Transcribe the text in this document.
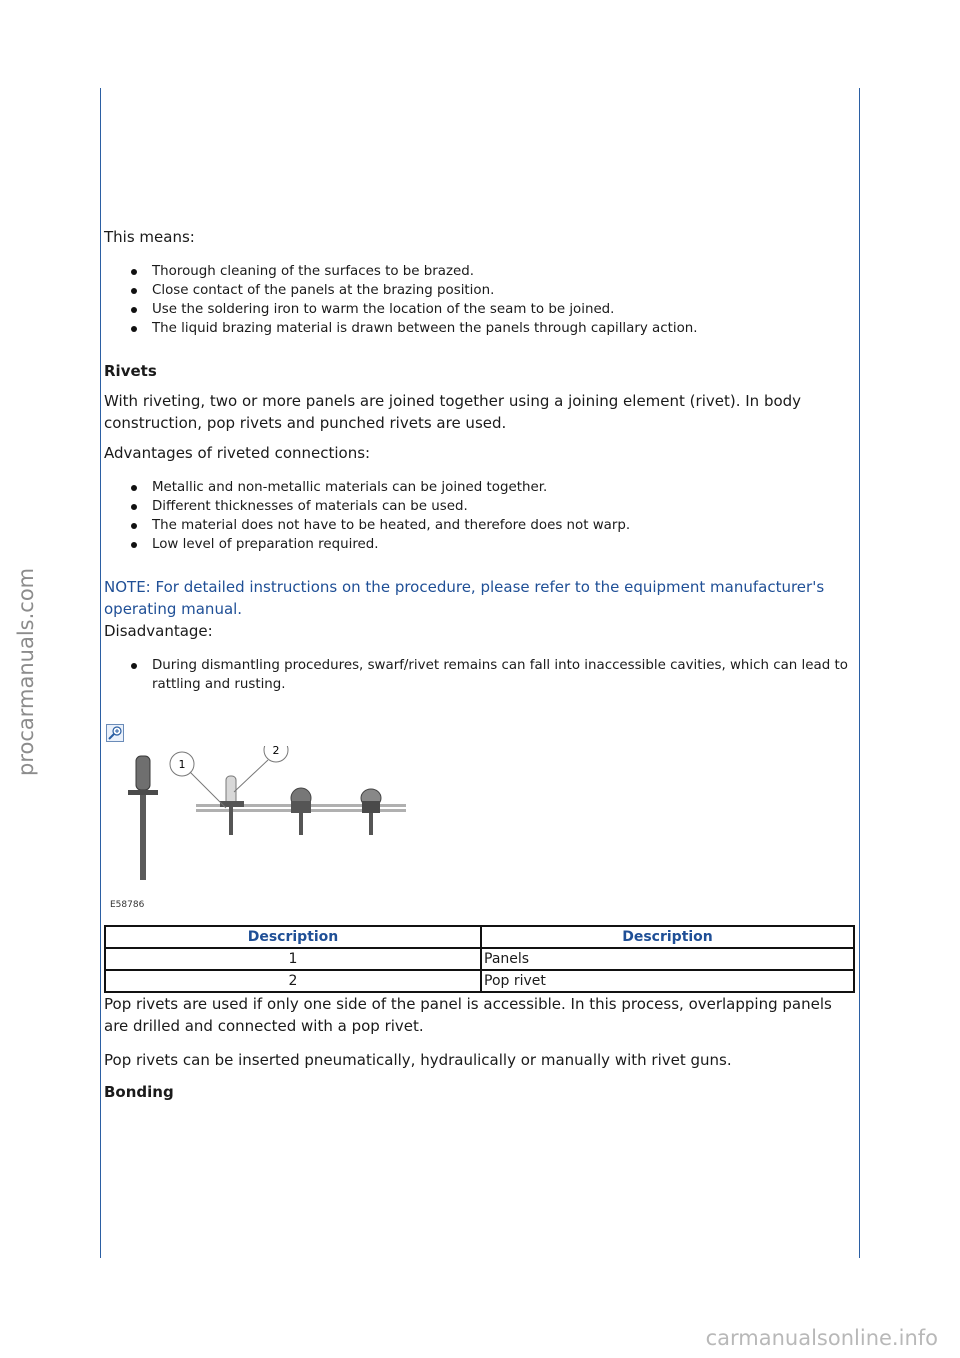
procarmanuals.com
carmanualsonline.info

This means:

Thorough cleaning of the surfaces to be brazed.
Close contact of the panels at the brazing position.
Use the soldering iron to warm the location of the seam to be joined.
The liquid brazing material is drawn between the panels through capillary action.
Rivets

With riveting, two or more panels are joined together using a joining element (rivet). In body construction, pop rivets and punched rivets are used.

Advantages of riveted connections:

Metallic and non-metallic materials can be joined together.
Different thicknesses of materials can be used.
The material does not have to be heated, and therefore does not warp.
Low level of preparation required.

NOTE: For detailed instructions on the procedure, please refer to the equipment manufacturer's operating manual.

Disadvantage:

During dismantling procedures, swarf/rivet remains can fall into inaccessible cavities, which can lead to rattling and rusting.
1
2
E58786
Description	Description
1	Panels
2	Pop rivet

Pop rivets are used if only one side of the panel is accessible. In this process, overlapping panels are drilled and connected with a pop rivet.

Pop rivets can be inserted pneumatically, hydraulically or manually with rivet guns.

Bonding
